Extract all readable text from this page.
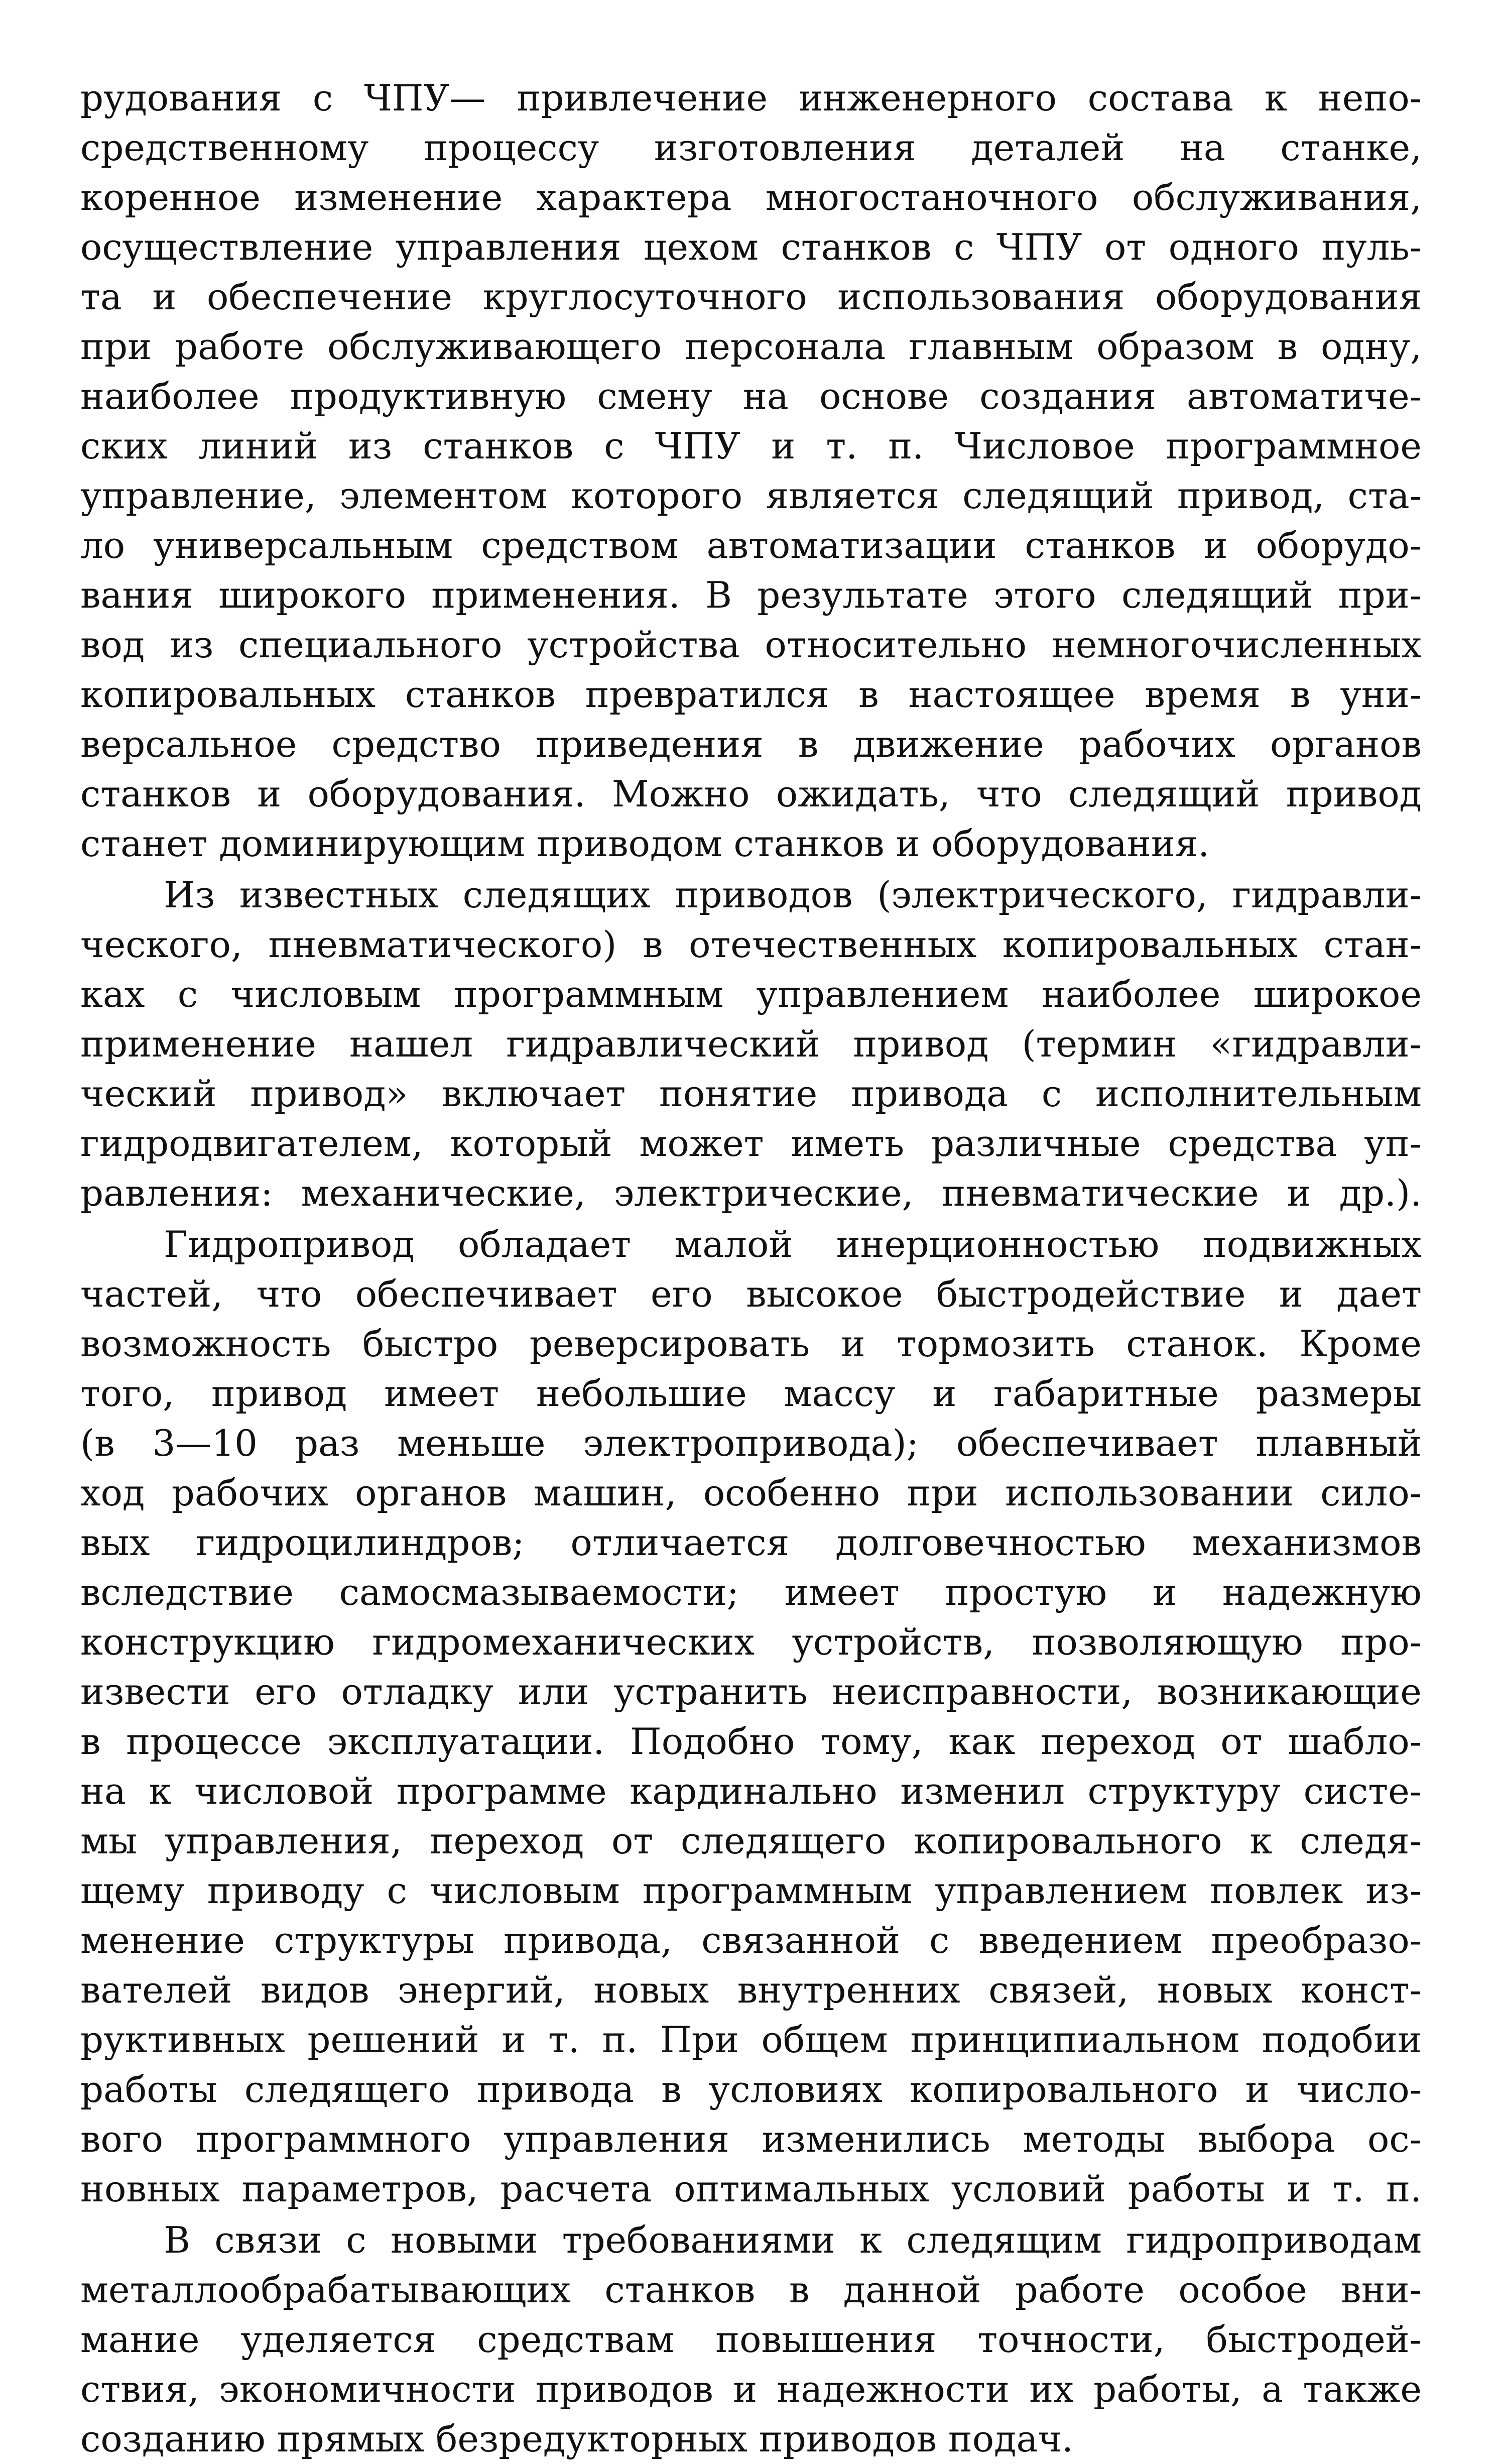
рудования с ЧПУ— привлечение инженерного состава к непо-
средственному процессу изготовления деталей на станке,
коренное изменение характера многостаночного обслуживания,
осуществление управления цехом станков с ЧПУ от одного пуль-
та и обеспечение круглосуточного использования оборудования
при работе обслуживающего персонала главным образом в одну,
наиболее продуктивную смену на основе создания автоматиче-
ских линий из станков с ЧПУ и т. п. Числовое программное
управление, элементом которого является следящий привод, ста-
ло универсальным средством автоматизации станков и оборудо-
вания широкого применения. В результате этого следящий при-
вод из специального устройства относительно немногочисленных
копировальных станков превратился в настоящее время в уни-
версальное средство приведения в движение рабочих органов
станков и оборудования. Можно ожидать, что следящий привод
станет доминирующим приводом станков и оборудования.
Из известных следящих приводов (электрического, гидравли-
ческого, пневматического) в отечественных копировальных стан-
ках с числовым программным управлением наиболее широкое
применение нашел гидравлический привод (термин «гидравли-
ческий привод» включает понятие привода с исполнительным
гидродвигателем, который может иметь различные средства уп-
равления: механические, электрические, пневматические и др.).
Гидропривод обладает малой инерционностью подвижных
частей, что обеспечивает его высокое быстродействие и дает
возможность быстро реверсировать и тормозить станок. Кроме
того, привод имеет небольшие массу и габаритные размеры
(в 3—10 раз меньше электропривода); обеспечивает плавный
ход рабочих органов машин, особенно при использовании сило-
вых гидроцилиндров; отличается долговечностью механизмов
вследствие самосмазываемости; имеет простую и надежную
конструкцию гидромеханических устройств, позволяющую про-
извести его отладку или устранить неисправности, возникающие
в процессе эксплуатации. Подобно тому, как переход от шабло-
на к числовой программе кардинально изменил структуру систе-
мы управления, переход от следящего копировального к следя-
щему приводу с числовым программным управлением повлек из-
менение структуры привода, связанной с введением преобразо-
вателей видов энергий, новых внутренних связей, новых конст-
руктивных решений и т. п. При общем принципиальном подобии
работы следящего привода в условиях копировального и число-
вого программного управления изменились методы выбора ос-
новных параметров, расчета оптимальных условий работы и т. п.
В связи с новыми требованиями к следящим гидроприводам
металлообрабатывающих станков в данной работе особое вни-
мание уделяется средствам повышения точности, быстродей-
ствия, экономичности приводов и надежности их работы, а также
созданию прямых безредукторных приводов подач.
